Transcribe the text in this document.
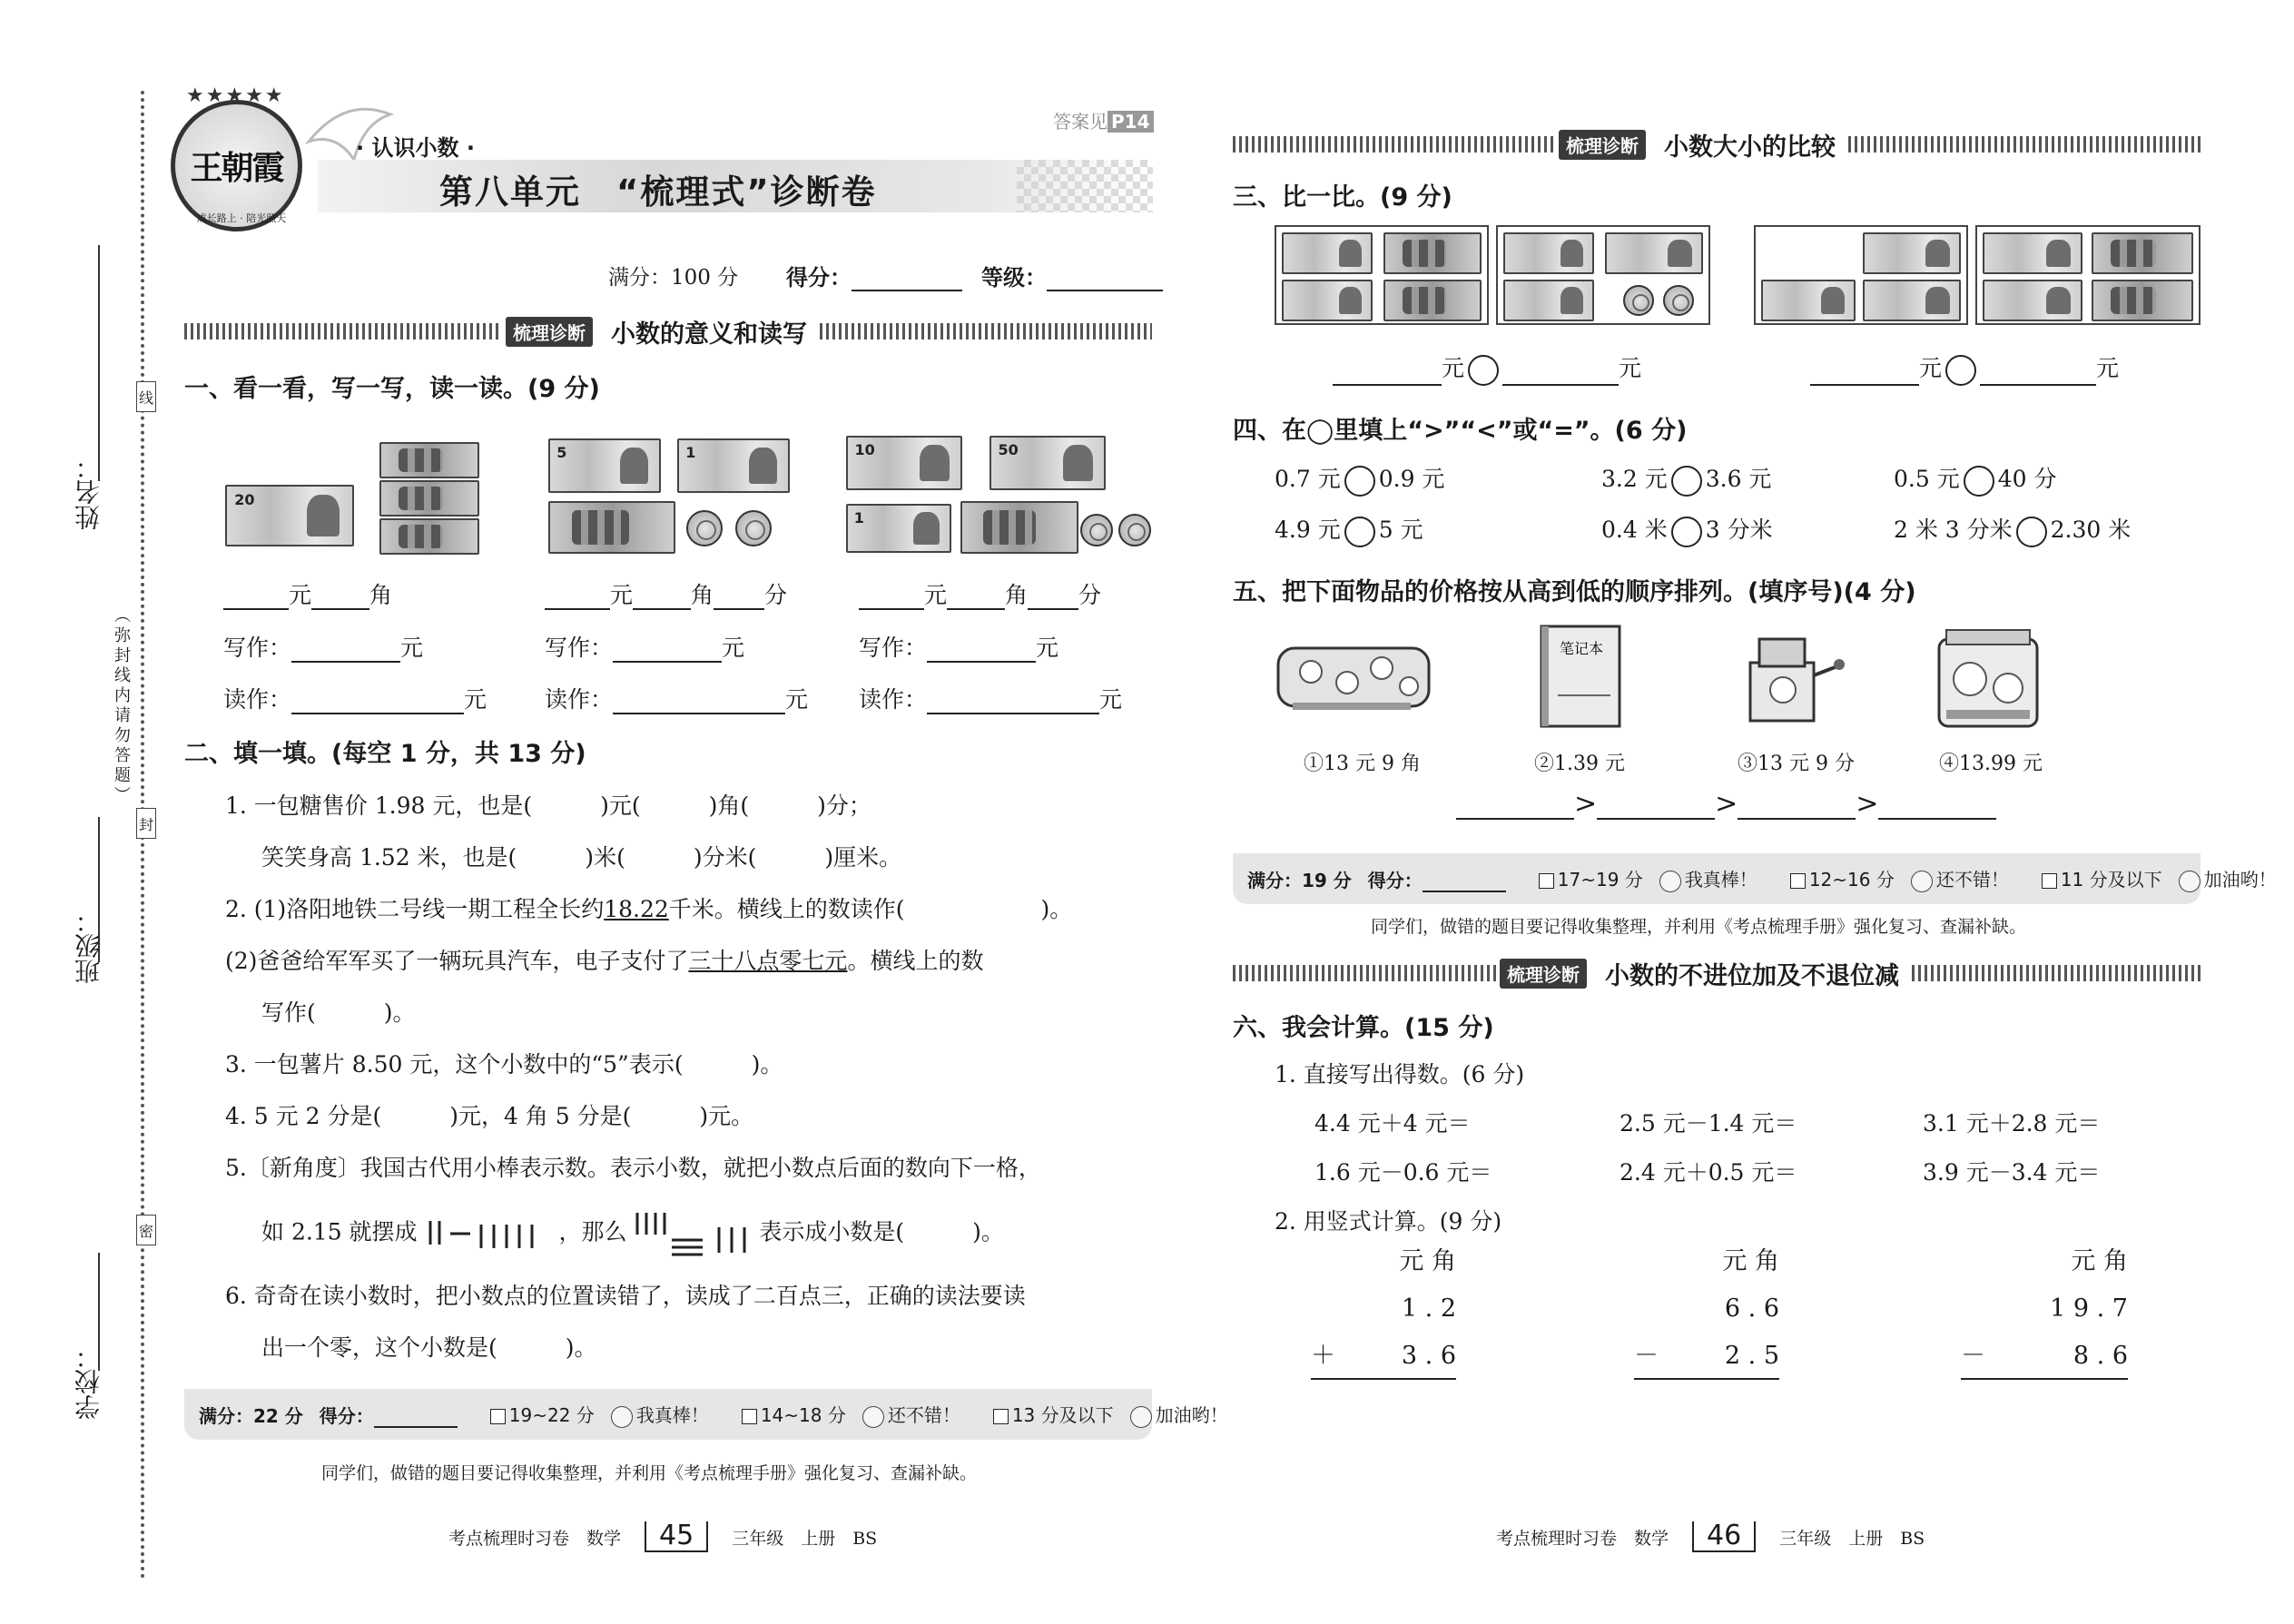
姓名：
班级：
学校：
线
封
密
（弥封线内请勿答题）
★★★★★
王朝霞
成长路上 · 陪光照天
· 认识小数 ·
第八单元　“梳理式”诊断卷
答案见 P14
满分：100 分 得分：	等级：
梳理诊断 小数的意义和读写
一、看一看，写一写，读一读。(9 分)
20
5	1	10	50
1
元	角
写作：	元
读作：	元
元	角 分
写作：	元
读作：	元
元	角 分
写作：	元
读作：	元
二、填一填。(每空 1 分，共 13 分)
1. 一包糖售价 1.98 元，也是(　　　)元(　　　)角(　　　)分；
笑笑身高 1.52 米，也是(　　　)米(　　　)分米(　　　)厘米。
2. (1)洛阳地铁二号线一期工程全长约18.22千米。横线上的数读作(　　　　　　)。
(2)爸爸给军军买了一辆玩具汽车，电子支付了三十八点零七元。横线上的数
写作(　　　)。
3. 一包薯片 8.50 元，这个小数中的“5”表示(　　　)。
4. 5 元 2 分是(　　　)元，4 角 5 分是(　　　)元。
5.〔新角度〕我国古代用小棒表示数。表示小数，就把小数点后面的数向下一格，
如 2.15 就摆成	，那么	表示成小数是(　　　)。
6. 奇奇在读小数时，把小数点的位置读错了，读成了二百点三，正确的读法要读
出一个零，这个小数是(　　　)。
满分：22 分 得分：	19~22 分 我真棒！	14~18 分 还不错！	13 分及以下 加油哟！
同学们，做错的题目要记得收集整理，并利用《考点梳理手册》强化复习、查漏补缺。
考点梳理时习卷　数学	45	三年级　上册　BS
梳理诊断 小数大小的比较
三、比一比。(9 分)
元	元	元	元
四、在◯里填上“>”“<”或“=”。(6 分)
0.7 元 0.9 元	3.2 元 3.6 元	0.5 元 40 分
4.9 元 5 元	0.4 米 3 分米	2 米 3 分米 2.30 米
五、把下面物品的价格按从高到低的顺序排列。(填序号)(4 分)
笔记本
①13 元 9 角	②1.39 元	③13 元 9 分	④13.99 元
>	>	>
满分：19 分 得分：	17~19 分 我真棒！	12~16 分 还不错！	11 分及以下 加油哟！
同学们，做错的题目要记得收集整理，并利用《考点梳理手册》强化复习、查漏补缺。
梳理诊断 小数的不进位加及不退位减
六、我会计算。(15 分)
1. 直接写出得数。(6 分)
4.4 元＋4 元＝	2.5 元－1.4 元＝	3.1 元＋2.8 元＝
1.6 元－0.6 元＝	2.4 元＋0.5 元＝	3.9 元－3.4 元＝
2. 用竖式计算。(9 分)
元 角
1 . 2
＋	3 . 6
元 角
6 . 6
－	2 . 5
元 角
1 9 . 7
－	8 . 6
考点梳理时习卷　数学	46	三年级　上册　BS
